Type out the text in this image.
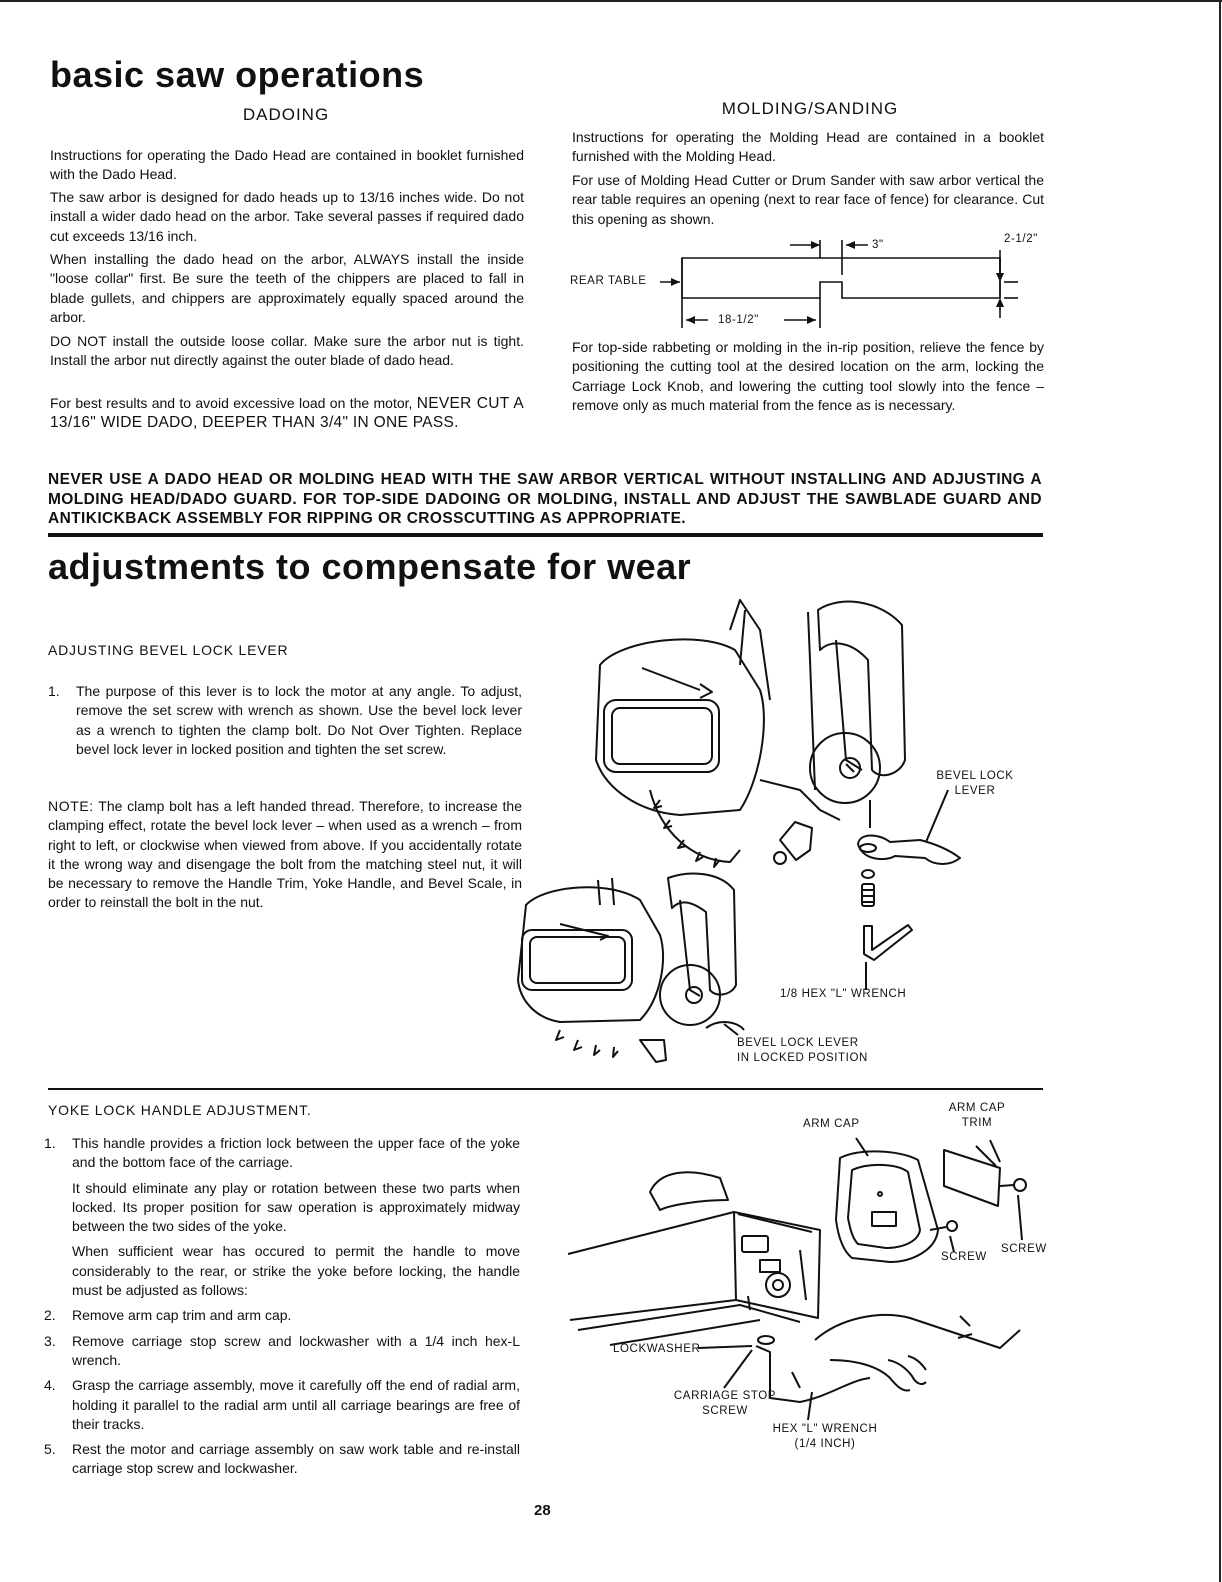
basic saw operations
DADOING	MOLDING/SANDING

Instructions for operating the Dado Head are contained in booklet furnished with the Dado Head.

The saw arbor is designed for dado heads up to 13/16 inches wide. Do not install a wider dado head on the arbor. Take several passes if required dado cut exceeds 13/16 inch.

When installing the dado head on the arbor, ALWAYS install the inside "loose collar" first. Be sure the teeth of the chippers are placed to fall in blade gullets, and chippers are approximately equally spaced around the arbor.

DO NOT install the outside loose collar. Make sure the arbor nut is tight. Install the arbor nut directly against the outer blade of dado head.

For best results and to avoid excessive load on the motor, NEVER CUT A 13/16" WIDE DADO, DEEPER THAN 3/4" IN ONE PASS.

Instructions for operating the Molding Head are contained in a booklet furnished with the Molding Head.

For use of Molding Head Cutter or Drum Sander with saw arbor vertical the rear table requires an opening (next to rear face of fence) for clearance. Cut this opening as shown.

REAR TABLE
3"	2-1/2"
18-1/2"

For top-side rabbeting or molding in the in-rip position, relieve the fence by positioning the cutting tool at the desired location on the arm, locking the Carriage Lock Knob, and lowering the cutting tool slowly into the fence – remove only as much material from the fence as is necessary.

NEVER USE A DADO HEAD OR MOLDING HEAD WITH THE SAW ARBOR VERTICAL WITHOUT INSTALLING AND ADJUSTING A MOLDING HEAD/DADO GUARD. FOR TOP-SIDE DADOING OR MOLDING, INSTALL AND ADJUST THE SAWBLADE GUARD AND ANTIKICKBACK ASSEMBLY FOR RIPPING OR CROSSCUTTING AS APPROPRIATE.

adjustments to compensate for wear
ADJUSTING BEVEL LOCK LEVER
1. The purpose of this lever is to lock the motor at any angle. To adjust, remove the set screw with wrench as shown. Use the bevel lock lever as a wrench to tighten the clamp bolt. Do Not Over Tighten. Replace bevel lock lever in locked position and tighten the set screw.

NOTE: The clamp bolt has a left handed thread. Therefore, to increase the clamping effect, rotate the bevel lock lever – when used as a wrench – from right to left, or clockwise when viewed from above. If you accidentally rotate it the wrong way and disengage the bolt from the matching steel nut, it will be necessary to remove the Handle Trim, Yoke Handle, and Bevel Scale, in order to reinstall the bolt in the nut.

BEVEL LOCK
LEVER
1/8 HEX "L" WRENCH
BEVEL LOCK LEVER
IN LOCKED POSITION
YOKE LOCK HANDLE ADJUSTMENT.
1. This handle provides a friction lock between the upper face of the yoke and the bottom face of the carriage.

It should eliminate any play or rotation between these two parts when locked. Its proper position for saw operation is approximately midway between the two sides of the yoke.

When sufficient wear has occured to permit the handle to move considerably to the rear, or strike the yoke before locking, the handle must be adjusted as follows:

2. Remove arm cap trim and arm cap.
3. Remove carriage stop screw and lockwasher with a 1/4 inch hex-L wrench.
4. Grasp the carriage assembly, move it carefully off the end of radial arm, holding it parallel to the radial arm until all carriage bearings are free of their tracks.
5. Rest the motor and carriage assembly on saw work table and re-install carriage stop screw and lockwasher.
ARM CAP
ARM CAP
TRIM
SCREW
SCREW
LOCKWASHER
CARRIAGE STOP
SCREW
HEX "L" WRENCH
(1/4 INCH)
28
